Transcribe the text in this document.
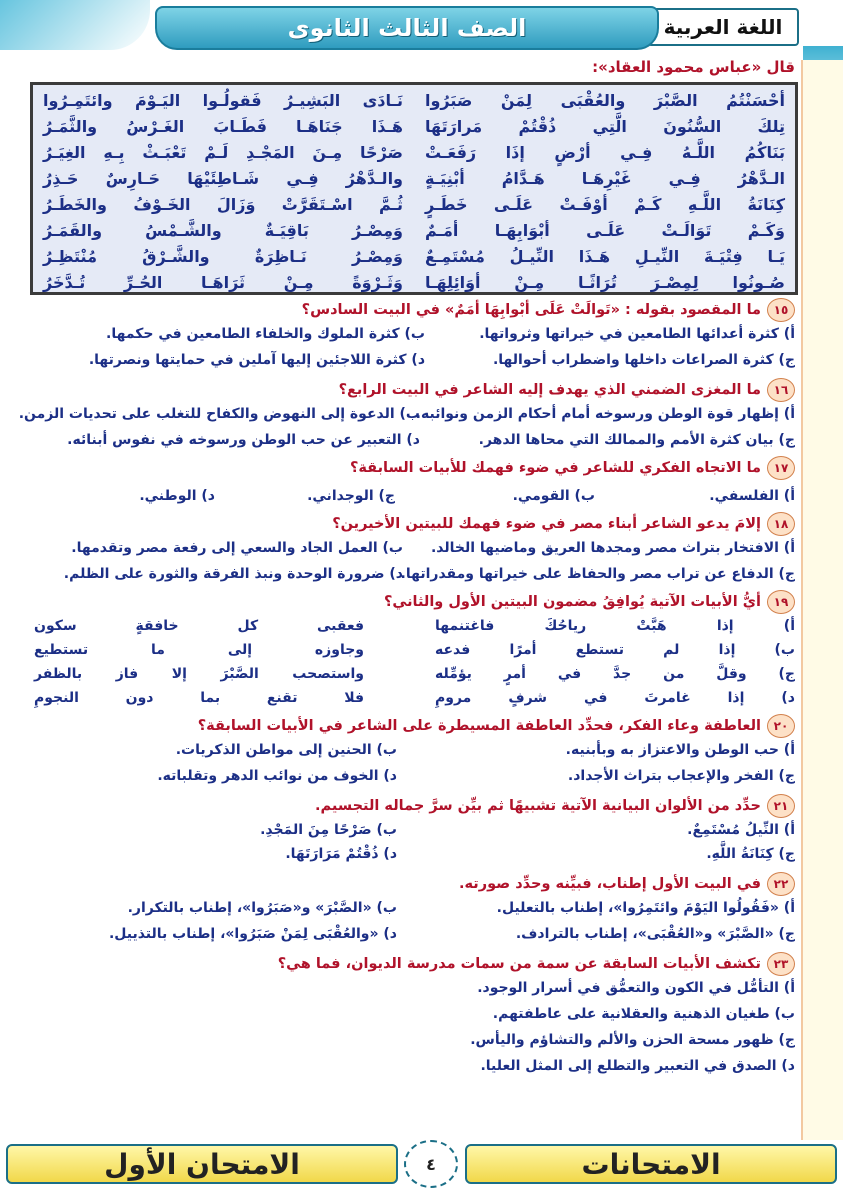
اللغة العربية
الصف الثالث الثانوى
قال «عباس محمود العقاد»:
أحْسَنْتُمُ الصَّبْرَ والعُقْبَى لِمَنْ صَبَرُوا
نَـادَى البَشِيـرُ فَقولُـوا اليَـوْمَ وائتَمِـرُوا
تِلكَ السُّنُونَ الَّتِي ذُقْتُمْ مَرارَتَهَا
هَـذَا جَنَاهَـا فَطَـابَ الغَـرْسُ والثَّمَـرُ
بَنَاكُمُ اللَّـهُ فِـي أرْضٍ إذَا رَفَعَـتْ
صَرْحًا مِـنَ المَجْـدِ لَـمْ تَعْبَـثْ بِـهِ الغِيَـرُ
الـدَّهْرُ فِـي غَيْرِهَـا هَـدَّامُ أبْنِيَـةٍ
والـدَّهْرُ فِـي شَـاطِئَيْهَا حَـارِسٌ حَـذِرُ
كِنَانَةُ اللَّـهِ كَـمْ أوْفَـتْ عَلَـى خَطَـرٍ
ثُـمَّ اسْـتَقَرَّتْ وَزَالَ الخَـوْفُ والخَطَـرُ
وَكَـمْ تَوَالَـتْ عَلَـى أبْوَابِهَـا أمَـمٌ
وَمِصْـرُ بَاقِيَـةٌ والشَّـمْسُ والقَمَـرُ
يَـا فِتْيَـةَ النِّيـلِ هَـذَا النِّيـلُ مُسْتَمِـعٌ
وَمِصْـرُ نَـاظِرَةٌ والشَّـرْقُ مُنْتَظِـرُ
صُـونُوا لِمِصْـرَ تُرَاثًـا مِـنْ أوَائِلِهَـا
وَثَـرْوَةً مِـنْ ثَرَاهَـا الحُـرِّ تُـدَّخَرُ
١٥
ما المقصود بقوله : «تَوالَتْ عَلَى أبْوابِهَا أمَمٌ» في البيت السادس؟
أ) كثرة أعدائها الطامعين في خيراتها وثرواتها.
ب) كثرة الملوك والخلفاء الطامعين في حكمها.
ج) كثرة الصراعات داخلها واضطراب أحوالها.
د) كثرة اللاجئين إليها آملين في حمايتها ونصرتها.
١٦
ما المغزى الضمني الذي يهدف إليه الشاعر في البيت الرابع؟
أ) إظهار قوة الوطن ورسوخه أمام أحكام الزمن ونوائبه.
ب) الدعوة إلى النهوض والكفاح للتغلب على تحديات الزمن.
ج) بيان كثرة الأمم والممالك التي محاها الدهر.
د) التعبير عن حب الوطن ورسوخه في نفوس أبنائه.
١٧
ما الاتجاه الفكري للشاعر في ضوء فهمك للأبيات السابقة؟
أ) الفلسفي.
ب) القومي.
ج) الوجداني.
د) الوطني.
١٨
إلامَ يدعو الشاعر أبناء مصر في ضوء فهمك للبيتين الأخيرين؟
أ) الافتخار بتراث مصر ومجدها العريق وماضيها الخالد.
ب) العمل الجاد والسعي إلى رفعة مصر وتقدمها.
ج) الدفاع عن تراب مصر والحفاظ على خيراتها ومقدراتها.
د) ضرورة الوحدة ونبذ الفرقة والثورة على الظلم.
١٩
أيُّ الأبيات الآتية يُوافِقُ مضمون البيتين الأول والثاني؟
أ) إذا هَبَّتْ رياحُكَ فاغتنمها
فعقبى كل خافقةٍ سكون
ب) إذا لم تستطع أمرًا فدعه
وجاوزه إلى ما تستطيع
ج) وقلَّ من جدَّ في أمرٍ يؤمِّله
واستصحب الصَّبْرَ إلا فاز بالظفر
د) إذا غامرتَ في شرفٍ مرومِ
فلا تقنع بما دون النجومِ
٢٠
العاطفة وعاء الفكر، فحدِّد العاطفة المسيطرة على الشاعر في الأبيات السابقة؟
أ) حب الوطن والاعتزاز به وبأبنيه.
ب) الحنين إلى مواطن الذكريات.
ج) الفخر والإعجاب بتراث الأجداد.
د) الخوف من نوائب الدهر وتقلباته.
٢١
حدِّد من الألوان البيانية الآتية تشبيهًا ثم بيِّن سرَّ جماله التجسيم.
أ) النِّيلُ مُسْتَمِعٌ.
ب) صَرْحًا مِنَ المَجْدِ.
ج) كِنَانَةُ اللَّهِ.
د) ذُقْتُمْ مَرَارَتَهَا.
٢٢
في البيت الأول إطناب، فبيِّنه وحدِّد صورته.
أ) «فَقُولُوا اليَوْمَ وائتَمِرُوا»، إطناب بالتعليل.
ب) «الصَّبْرَ» و«صَبَرُوا»، إطناب بالتكرار.
ج) «الصَّبْرَ» و«العُقْبَى»، إطناب بالترادف.
د) «والعُقْبَى لِمَنْ صَبَرُوا»، إطناب بالتذييل.
٢٣
تكشف الأبيات السابقة عن سمة من سمات مدرسة الديوان، فما هي؟
أ) التأمُّل في الكون والتعمُّق في أسرار الوجود.
ب) طغيان الذهنية والعقلانية على عاطفتهم.
ج) ظهور مسحة الحزن والألم والتشاؤم واليأس.
د) الصدق في التعبير والتطلع إلى المثل العليا.
الامتحان الأول	٤	الامتحانات
